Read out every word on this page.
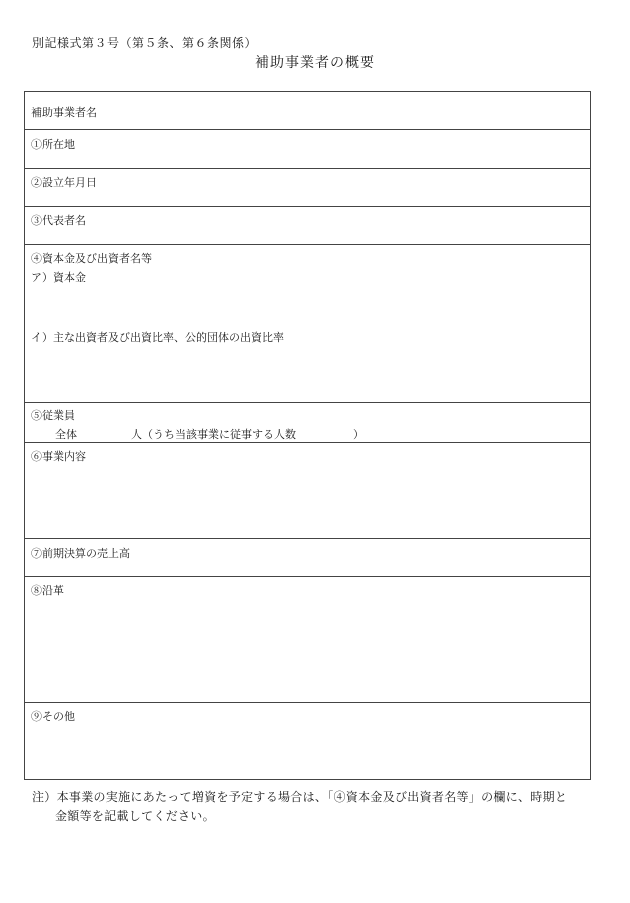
別記様式第３号（第５条、第６条関係）
補助事業者の概要
補助事業者名
①所在地
②設立年月日
③代表者名
④資本金及び出資者名等
ア）資本金
イ）主な出資者及び出資比率、公的団体の出資比率
⑤従業員
全体	人（うち当該事業に従事する人数	）
⑥事業内容
⑦前期決算の売上高
⑧沿革
⑨その他
注）本事業の実施にあたって増資を予定する場合は、「④資本金及び出資者名等」の欄に、時期と
金額等を記載してください。
